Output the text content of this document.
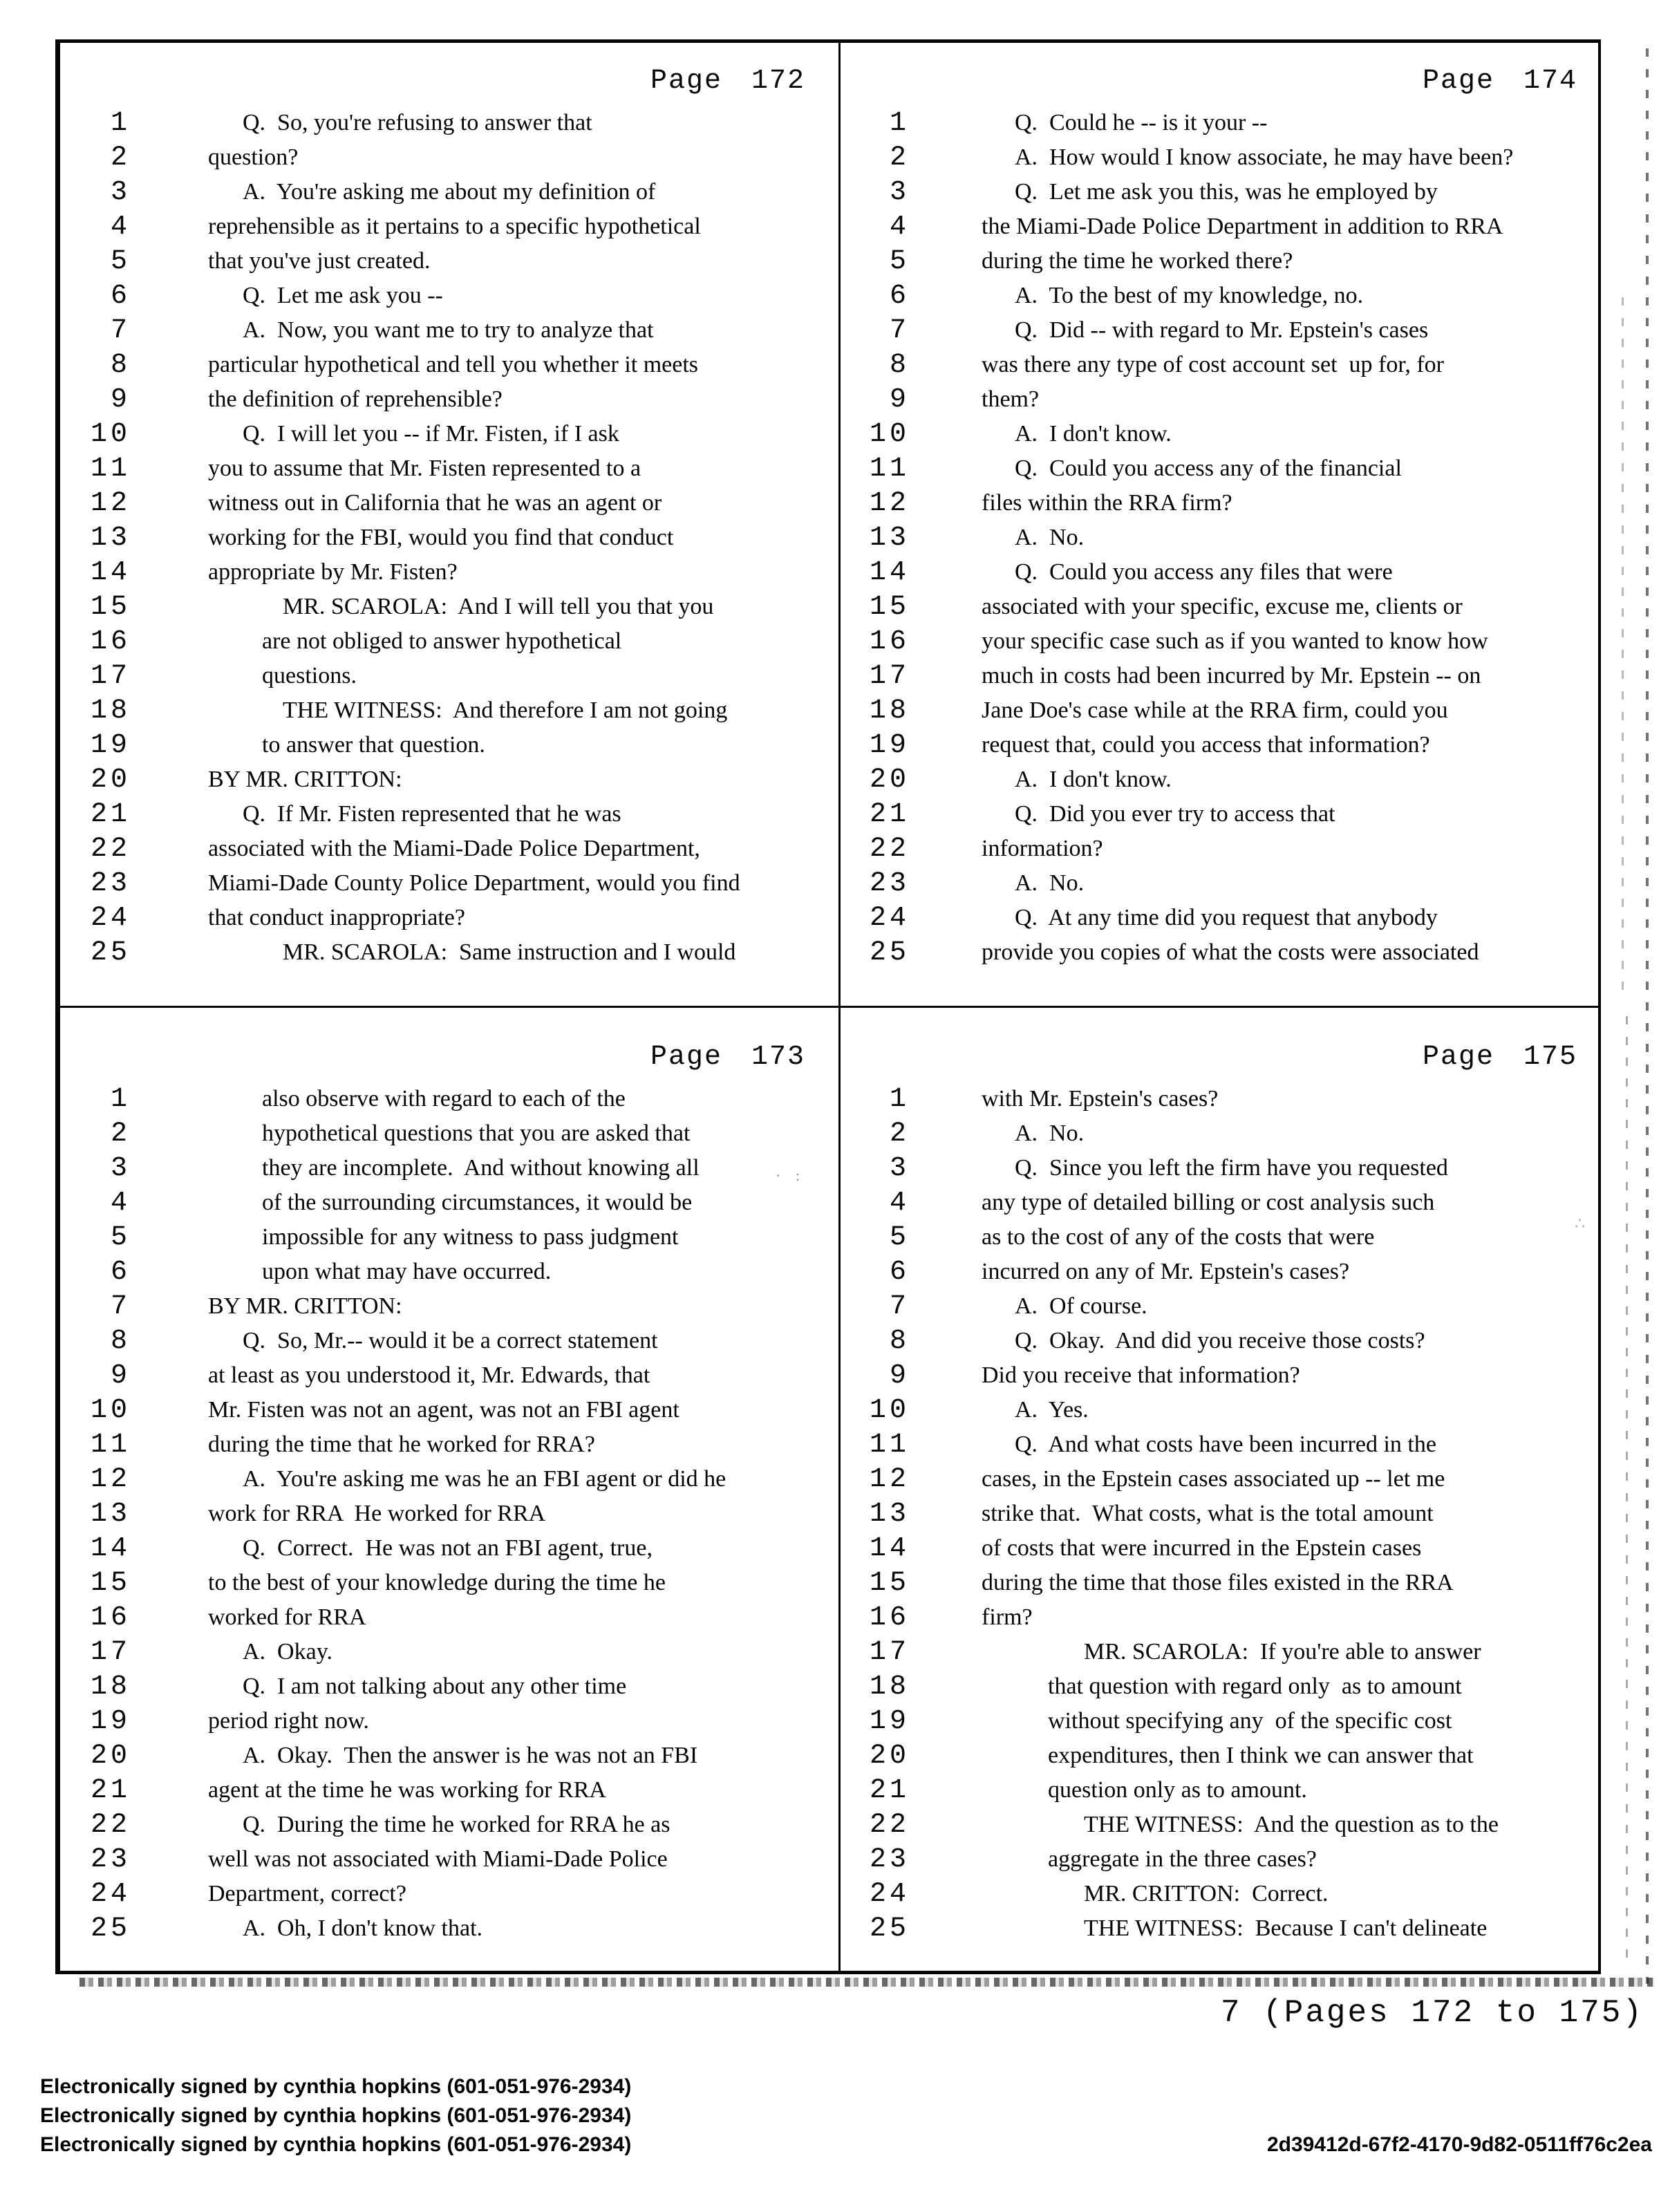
Page 172
1	Q.  So, you're refusing to answer that
2	question?
3	A.  You're asking me about my definition of
4	reprehensible as it pertains to a specific hypothetical
5	that you've just created.
6	Q.  Let me ask you --
7	A.  Now, you want me to try to analyze that
8	particular hypothetical and tell you whether it meets
9	the definition of reprehensible?
10	Q.  I will let you -- if Mr. Fisten, if I ask
11	you to assume that Mr. Fisten represented to a
12	witness out in California that he was an agent or
13	working for the FBI, would you find that conduct
14	appropriate by Mr. Fisten?
15	MR. SCAROLA:  And I will tell you that you
16	are not obliged to answer hypothetical
17	questions.
18	THE WITNESS:  And therefore I am not going
19	to answer that question.
20	BY MR. CRITTON:
21	Q.  If Mr. Fisten represented that he was
22	associated with the Miami-Dade Police Department,
23	Miami-Dade County Police Department, would you find
24	that conduct inappropriate?
25	MR. SCAROLA:  Same instruction and I would
Page 174
1	Q.  Could he -- is it your --
2	A.  How would I know associate, he may have been?
3	Q.  Let me ask you this, was he employed by
4	the Miami-Dade Police Department in addition to RRA
5	during the time he worked there?
6	A.  To the best of my knowledge, no.
7	Q.  Did -- with regard to Mr. Epstein's cases
8	was there any type of cost account set  up for, for
9	them?
10	A.  I don't know.
11	Q.  Could you access any of the financial
12	files within the RRA firm?
13	A.  No.
14	Q.  Could you access any files that were
15	associated with your specific, excuse me, clients or
16	your specific case such as if you wanted to know how
17	much in costs had been incurred by Mr. Epstein -- on
18	Jane Doe's case while at the RRA firm, could you
19	request that, could you access that information?
20	A.  I don't know.
21	Q.  Did you ever try to access that
22	information?
23	A.  No.
24	Q.  At any time did you request that anybody
25	provide you copies of what the costs were associated
Page 173
1	also observe with regard to each of the
2	hypothetical questions that you are asked that
3	they are incomplete.  And without knowing all
4	of the surrounding circumstances, it would be
5	impossible for any witness to pass judgment
6	upon what may have occurred.
7	BY MR. CRITTON:
8	Q.  So, Mr.-- would it be a correct statement
9	at least as you understood it, Mr. Edwards, that
10	Mr. Fisten was not an agent, was not an FBI agent
11	during the time that he worked for RRA?
12	A.  You're asking me was he an FBI agent or did he
13	work for RRA  He worked for RRA
14	Q.  Correct.  He was not an FBI agent, true,
15	to the best of your knowledge during the time he
16	worked for RRA
17	A.  Okay.
18	Q.  I am not talking about any other time
19	period right now.
20	A.  Okay.  Then the answer is he was not an FBI
21	agent at the time he was working for RRA
22	Q.  During the time he worked for RRA he as
23	well was not associated with Miami-Dade Police
24	Department, correct?
25	A.  Oh, I don't know that.
Page 175
1	with Mr. Epstein's cases?
2	A.  No.
3	Q.  Since you left the firm have you requested
4	any type of detailed billing or cost analysis such
5	as to the cost of any of the costs that were
6	incurred on any of Mr. Epstein's cases?
7	A.  Of course.
8	Q.  Okay.  And did you receive those costs?
9	Did you receive that information?
10	A.  Yes.
11	Q.  And what costs have been incurred in the
12	cases, in the Epstein cases associated up -- let me
13	strike that.  What costs, what is the total amount
14	of costs that were incurred in the Epstein cases
15	during the time that those files existed in the RRA
16	firm?
17	MR. SCAROLA:  If you're able to answer
18	that question with regard only  as to amount
19	without specifying any  of the specific cost
20	expenditures, then I think we can answer that
21	question only as to amount.
22	THE WITNESS:  And the question as to the
23	aggregate in the three cases?
24	MR. CRITTON:  Correct.
25	THE WITNESS:  Because I can't delineate
7 (Pages 172 to 175)
Electronically signed by cynthia hopkins (601-051-976-2934)
Electronically signed by cynthia hopkins (601-051-976-2934)
Electronically signed by cynthia hopkins (601-051-976-2934)	2d39412d-67f2-4170-9d82-0511ff76c2ea
· :
∴
